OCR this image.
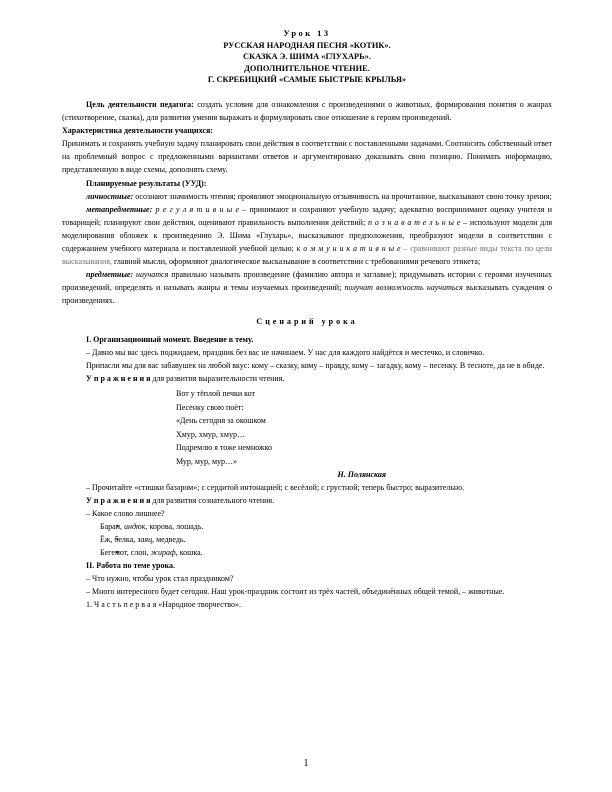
Урок 13
РУССКАЯ НАРОДНАЯ ПЕСНЯ «КОТИК».
СКАЗКА Э. ШИМА «ГЛУХАРЬ».
ДОПОЛНИТЕЛЬНОЕ ЧТЕНИЕ.
Г. СКРЕБИЦКИЙ «САМЫЕ БЫСТРЫЕ КРЫЛЬЯ»

Цель деятельности педагога: создать условия для ознакомления с произведениями о животных, формирования понятия о жанрах (стихотворение, сказка), для развития умения выражать и формулировать свое отношение к героям произведений.

Характеристика деятельности учащихся:

Принимать и сохранять учебную задачу планировать свои действия в соответствии с поставленными задачами. Соотносить собственный ответ на проблемный вопрос с предложенными вариантами ответов и аргументировано доказывать свою позицию. Понимать информацию, представленную в виде схемы, дополнять схему.

Планируемые результаты (УУД):

личностные: осознают значимость чтения; проявляют эмоциональную отзывчивость на прочитанное, высказывают свою точку зрения;

метапредметные: р е г у л я т и в н ы е – принимают и сохраняют учебную задачу; адекватно воспринимают оценку учителя и товарищей; планируют свои действия, оценивают правильность выполнения действий; п о з н а в а т е л ь н ы е – используют модели для моделирования обложек к произведению Э. Шима «Глухарь», высказывают предположения, преобразуют модели в соответствии с содержанием учебного материала и поставленной учебной целью; к о м м у н и к а т и в н ы е – сравнивают разные виды текста по цели высказывания, главной мысли, оформляют диалогическое высказывание в соответствии с требованиями речевого этикета;

предметные: научатся правильно называть произведение (фамилию автора и заглавие); придумывать истории с героями изученных произведений, определять и называть жанры и темы изучаемых произведений; получат возможность научиться высказывать суждения о произведениях.

Сценарий урока

I. Организационный момент. Введение в тему.

– Давно мы вас здесь поджидаем, праздник без вас не начинаем. У нас для каждого найдётся и местечко, и словечко.

Припасли мы для вас забавушек на любой вкус: кому – сказку, кому – правду, кому – загадку, кому – песенку. В тесноте, да не в обиде.

У п р а ж н е н и я для развития выразительности чтения.

Вот у тёплой печки кот
Песенку свою поёт:
«День сегодня за окошком
Хмур, хмур, хмур…
Подремлю я тоже немножко
Мур, мур, мур…»
Н. Полянская

– Прочитайте «стишки базаром»; с сердитой интонацией; с весёлой; с грустной; теперь быстро; выразительно.

У п р а ж н е н и я для развития сознательного чтения.

– Какое слово лишнее?

• Баран, индюк, корова, лошадь.

• Ёж, белка, заяц, медведь.

• Бегемот, слон, жираф, кошка.

II. Работа по теме урока.

– Что нужно, чтобы урок стал праздником?

– Много интересного будет сегодня. Наш урок-праздник состоит из трёх частей, объединённых общей темой, – животные.

1. Ч а с т ь п е р в а я «Народное творчество».

1
